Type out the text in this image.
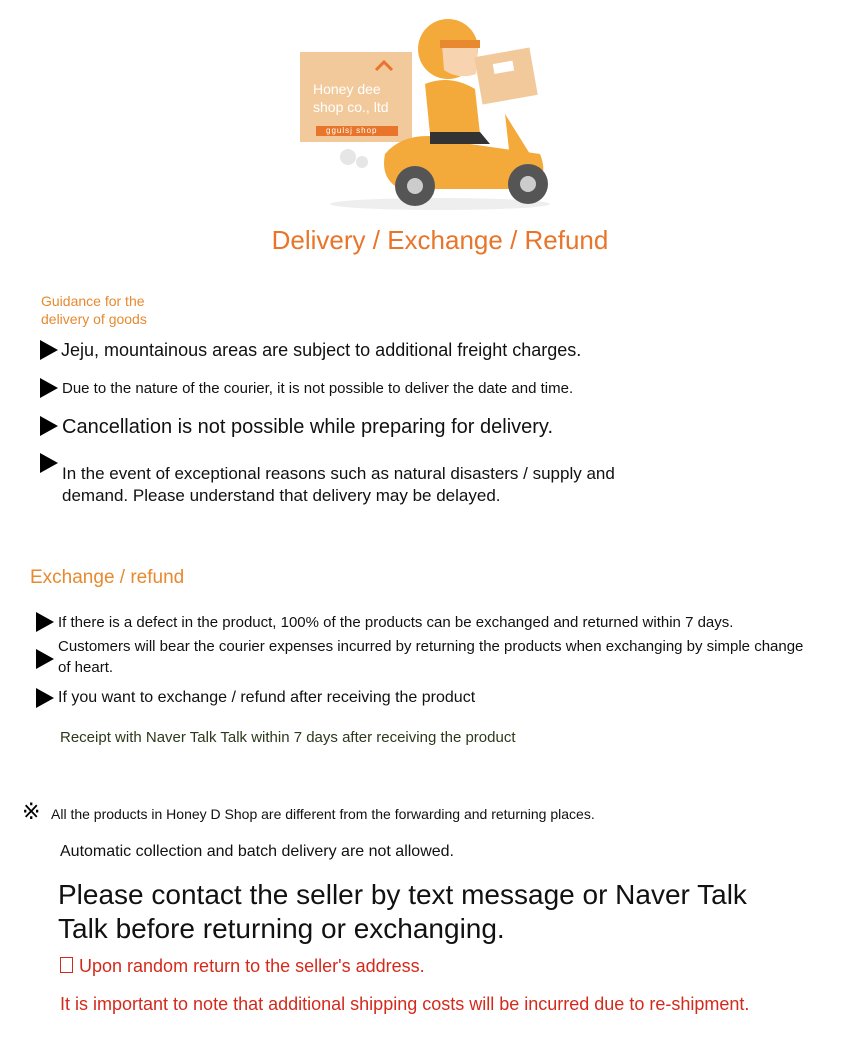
Honey dee
shop co., ltd
ggulsj shop
Delivery / Exchange / Refund
Guidance for the
delivery of goods
Jeju, mountainous areas are subject to additional freight charges.
Due to the nature of the courier, it is not possible to deliver the date and time.
Cancellation is not possible while preparing for delivery.
In the event of exceptional reasons such as natural disasters / supply and demand. Please understand that delivery may be delayed.
Exchange / refund
If there is a defect in the product, 100% of the products can be exchanged and returned within 7 days.
Customers will bear the courier expenses incurred by returning the products when exchanging by simple change of heart.
If you want to exchange / refund after receiving the product
Receipt with Naver Talk Talk within 7 days after receiving the product
※ All the products in Honey D Shop are different from the forwarding and returning places.
Automatic collection and batch delivery are not allowed.
Please contact the seller by text message or Naver Talk Talk before returning or exchanging.
Upon random return to the seller's address.
It is important to note that additional shipping costs will be incurred due to re-shipment.
